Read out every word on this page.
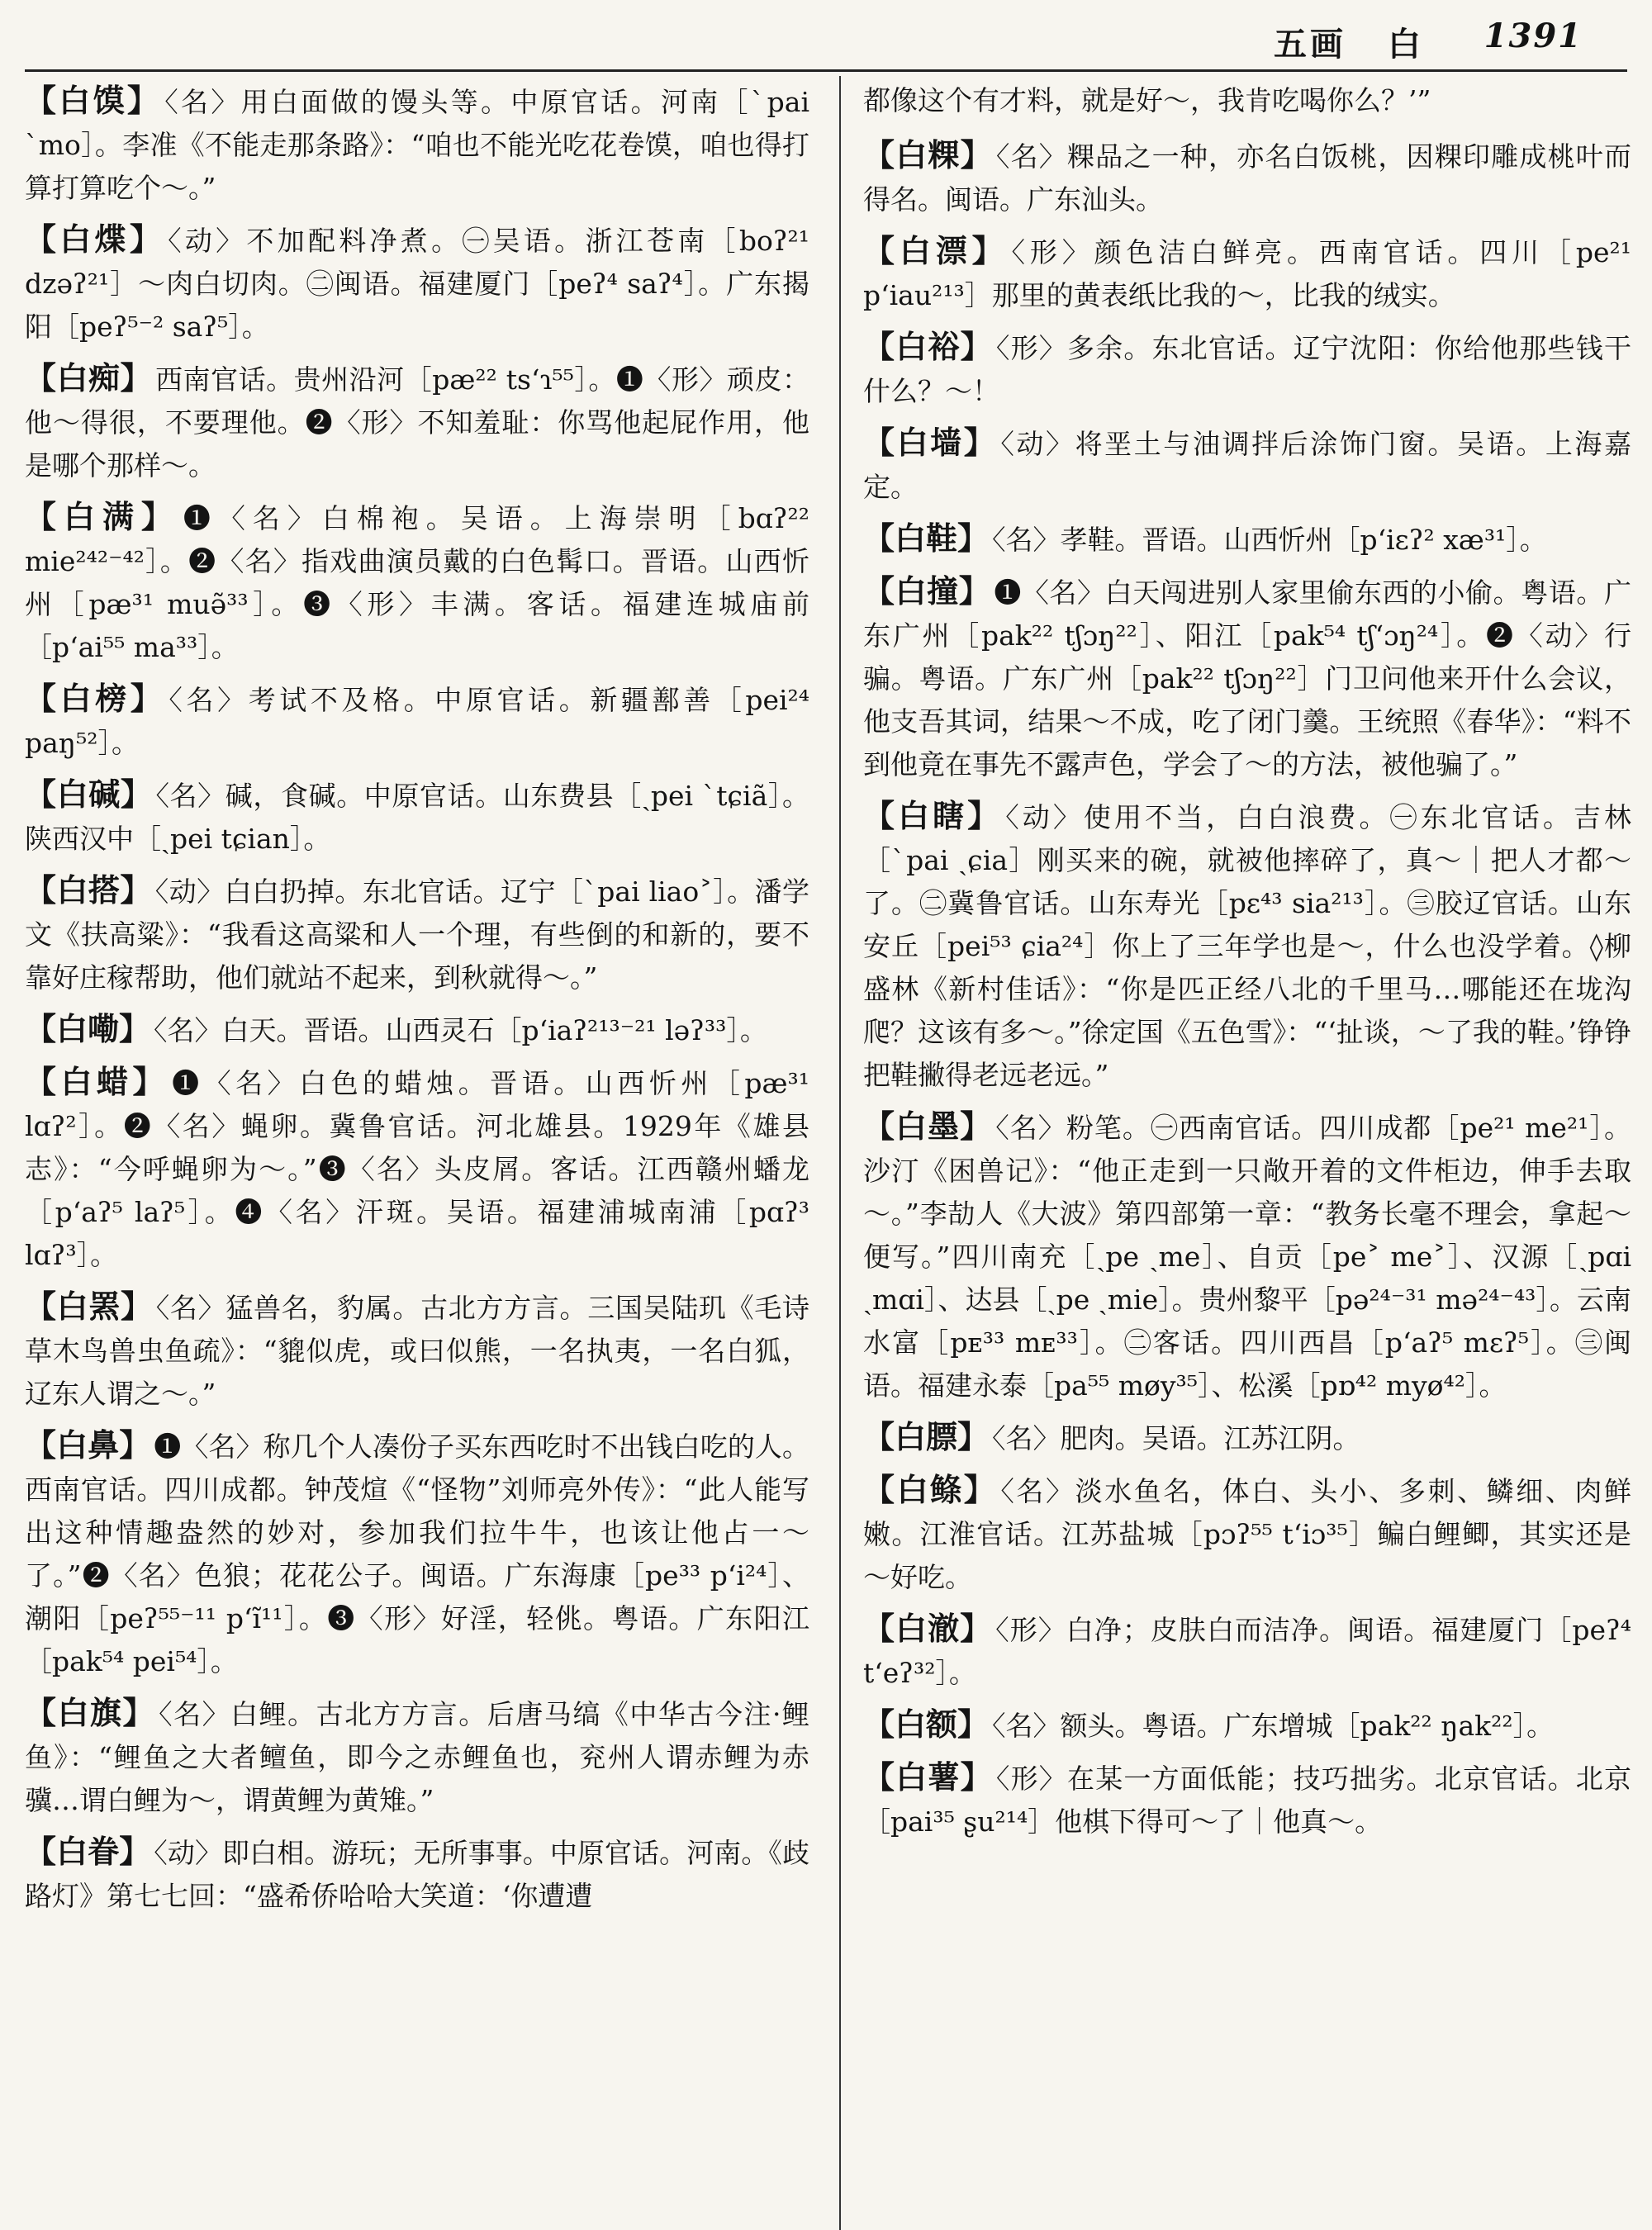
五画 白 1391

【白馍】 〈名〉用白面做的馒头等。中原官话。河南［ˋpai ˋmo］。李准《不能走那条路》：“咱也不能光吃花卷馍，咱也得打算打算吃个～。”

【白煠】 〈动〉不加配料净煮。㊀吴语。浙江苍南［boʔ²¹ dzəʔ²¹］～肉白切肉。㊁闽语。福建厦门［peʔ⁴ saʔ⁴］。广东揭阳［peʔ⁵⁻² saʔ⁵］。

【白痴】 西南官话。贵州沿河［pæ²² tsʻɿ⁵⁵］。❶〈形〉顽皮：他～得很，不要理他。❷〈形〉不知羞耻：你骂他起屁作用，他是哪个那样～。

【白满】 ❶〈名〉白棉袍。吴语。上海崇明［bɑʔ²² mie²⁴²⁻⁴²］。❷〈名〉指戏曲演员戴的白色髯口。晋语。山西忻州［pæ³¹ muə̃³³］。❸〈形〉丰满。客话。福建连城庙前［pʻai⁵⁵ ma³³］。

【白榜】 〈名〉考试不及格。中原官话。新疆鄯善［pei²⁴ paŋ⁵²］。

【白碱】 〈名〉碱，食碱。中原官话。山东费县［ˏpei ˋtɕiã］。陕西汉中［ˏpei tɕian］。

【白搭】 〈动〉白白扔掉。东北官话。辽宁［ˋpai liao˃］。潘学文《扶高粱》：“我看这高粱和人一个理，有些倒的和新的，要不靠好庄稼帮助，他们就站不起来，到秋就得～。”

【白嘞】 〈名〉白天。晋语。山西灵石［pʻiaʔ²¹³⁻²¹ ləʔ³³］。

【白蜡】 ❶〈名〉白色的蜡烛。晋语。山西忻州［pæ³¹ lɑʔ²］。❷〈名〉蝇卵。冀鲁官话。河北雄县。1929年《雄县志》：“今呼蝇卵为～。”❸〈名〉头皮屑。客话。江西赣州蟠龙［pʻaʔ⁵ laʔ⁵］。❹〈名〉汗斑。吴语。福建浦城南浦［pɑʔ³ lɑʔ³］。

【白罴】 〈名〉猛兽名，豹属。古北方方言。三国吴陆玑《毛诗草木鸟兽虫鱼疏》：“貔似虎，或曰似熊，一名执夷，一名白狐，辽东人谓之～。”

【白鼻】 ❶〈名〉称几个人凑份子买东西吃时不出钱白吃的人。西南官话。四川成都。钟茂煊《“怪物”刘师亮外传》：“此人能写出这种情趣盎然的妙对，参加我们拉牛牛，也该让他占一～了。”❷〈名〉色狼；花花公子。闽语。广东海康［pe³³ pʻi²⁴］、潮阳［peʔ⁵⁵⁻¹¹ pʻĩ¹¹］。❸〈形〉好淫，轻佻。粤语。广东阳江［pak⁵⁴ pei⁵⁴］。

【白旗】 〈名〉白鲤。古北方方言。后唐马缟《中华古今注·鲤鱼》：“鲤鱼之大者鳣鱼，即今之赤鲤鱼也，兖州人谓赤鲤为赤骥…谓白鲤为～，谓黄鲤为黄雉。”

【白眷】 〈动〉即白相。游玩；无所事事。中原官话。河南。《歧路灯》第七七回：“盛希侨哈哈大笑道：‘你遭遭

都像这个有才料，就是好～，我肯吃喝你么？’”

【白粿】 〈名〉粿品之一种，亦名白饭桃，因粿印雕成桃叶而得名。闽语。广东汕头。

【白漂】 〈形〉颜色洁白鲜亮。西南官话。四川［pe²¹ pʻiau²¹³］那里的黄表纸比我的～，比我的绒实。

【白裕】 〈形〉多余。东北官话。辽宁沈阳：你给他那些钱干什么？～！

【白墙】 〈动〉将垩土与油调拌后涂饰门窗。吴语。上海嘉定。

【白鞋】 〈名〉孝鞋。晋语。山西忻州［pʻiɛʔ² xæ³¹］。

【白撞】 ❶〈名〉白天闯进别人家里偷东西的小偷。粤语。广东广州［pak²² tʃɔŋ²²］、阳江［pak⁵⁴ tʃʻɔŋ²⁴］。❷〈动〉行骗。粤语。广东广州［pak²² tʃɔŋ²²］门卫问他来开什么会议，他支吾其词，结果～不成，吃了闭门羹。王统照《春华》：“料不到他竟在事先不露声色，学会了～的方法，被他骗了。”

【白瞎】 〈动〉使用不当，白白浪费。㊀东北官话。吉林［ˋpai ˏɕia］刚买来的碗，就被他摔碎了，真～｜把人才都～了。㊁冀鲁官话。山东寿光［pɛ⁴³ sia²¹³］。㊂胶辽官话。山东安丘［pei⁵³ ɕia²⁴］你上了三年学也是～，什么也没学着。◊柳盛林《新村佳话》：“你是匹正经八北的千里马…哪能还在垅沟爬？这该有多～。”徐定国《五色雪》：“‘扯谈，～了我的鞋。’铮铮把鞋撇得老远老远。”

【白墨】 〈名〉粉笔。㊀西南官话。四川成都［pe²¹ me²¹］。沙汀《困兽记》：“他正走到一只敞开着的文件柜边，伸手去取～。”李劼人《大波》第四部第一章：“教务长毫不理会，拿起～便写。”四川南充［ˏpe ˏme］、自贡［pe˃ me˃］、汉源［ˏpɑi ˏmɑi］、达县［ˏpe ˏmie］。贵州黎平［pə²⁴⁻³¹ mə²⁴⁻⁴³］。云南水富［pᴇ³³ mᴇ³³］。㊁客话。四川西昌［pʻaʔ⁵ mɛʔ⁵］。㊂闽语。福建永泰［pa⁵⁵ møy³⁵］、松溪［pɒ⁴² myø⁴²］。

【白膘】 〈名〉肥肉。吴语。江苏江阴。

【白鲦】 〈名〉淡水鱼名，体白、头小、多刺、鳞细、肉鲜嫩。江淮官话。江苏盐城［pɔʔ⁵⁵ tʻiɔ³⁵］鳊白鲤鲫，其实还是～好吃。

【白澈】 〈形〉白净；皮肤白而洁净。闽语。福建厦门［peʔ⁴ tʻeʔ³²］。

【白额】 〈名〉额头。粤语。广东增城［pak²² ŋak²²］。

【白薯】 〈形〉在某一方面低能；技巧拙劣。北京官话。北京［pai³⁵ ʂu²¹⁴］他棋下得可～了｜他真～。
